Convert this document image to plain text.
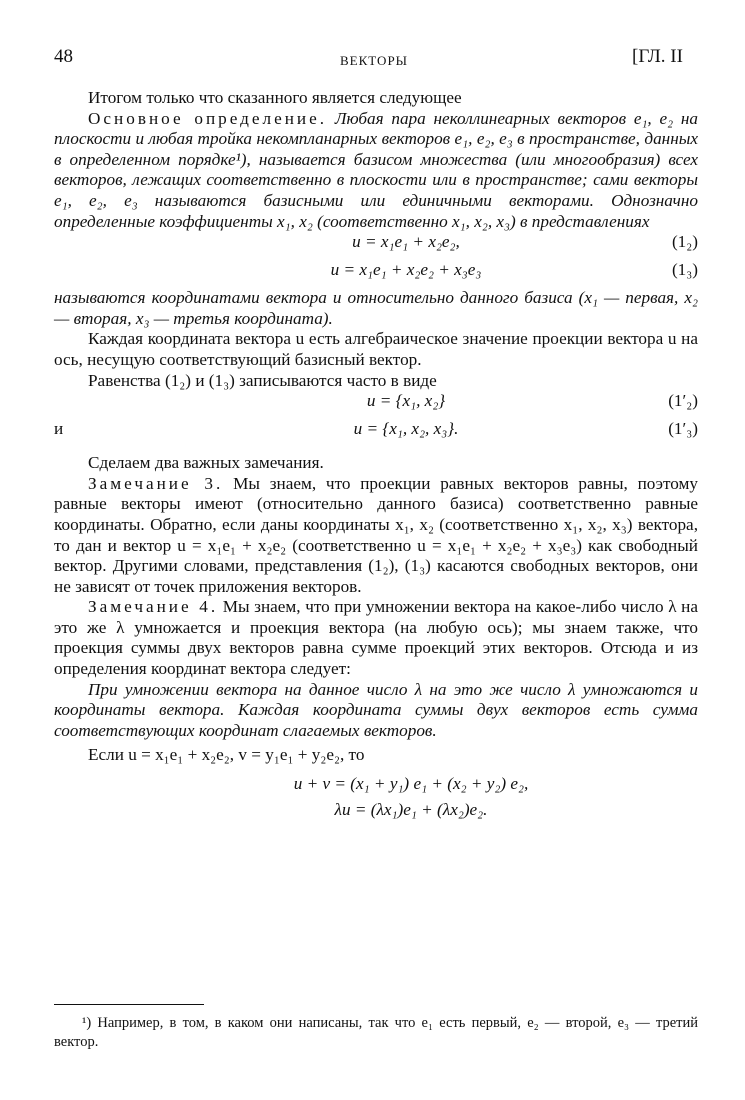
48	ВЕКТОРЫ	[ГЛ. II

Итогом только что сказанного является следующее

Основное определение. Любая пара неколлинеарных векторов e₁, e₂ на плоскости и любая тройка некомпланарных векторов e₁, e₂, e₃ в пространстве, данных в определенном порядке¹), называется базисом множества (или многообразия) всех векторов, лежащих соответственно в плоскости или в пространстве; сами векторы e₁, e₂, e₃ называются базисными или единичными векторами. Однозначно определенные коэффициенты x₁, x₂ (соответственно x₁, x₂, x₃) в представлениях

u = x₁e₁ + x₂e₂,	(1₂)
u = x₁e₁ + x₂e₂ + x₃e₃	(1₃)

называются координатами вектора u относительно данного базиса (x₁ — первая, x₂ — вторая, x₃ — третья координата).

Каждая координата вектора u есть алгебраическое значение проекции вектора u на ось, несущую соответствующий базисный вектор.

Равенства (1₂) и (1₃) записываются часто в виде

u = {x₁, x₂}	(1′₂)
и	u = {x₁, x₂, x₃}.	(1′₃)

Сделаем два важных замечания.

Замечание 3. Мы знаем, что проекции равных векторов равны, поэтому равные векторы имеют (относительно данного базиса) соответственно равные координаты. Обратно, если даны координаты x₁, x₂ (соответственно x₁, x₂, x₃) вектора, то дан и вектор u = x₁e₁ + x₂e₂ (соответственно u = x₁e₁ + x₂e₂ + x₃e₃) как свободный вектор. Другими словами, представления (1₂), (1₃) касаются свободных векторов, они не зависят от точек приложения векторов.

Замечание 4. Мы знаем, что при умножении вектора на какое-либо число λ на это же λ умножается и проекция вектора (на любую ось); мы знаем также, что проекция суммы двух векторов равна сумме проекций этих векторов. Отсюда и из определения координат вектора следует:

При умножении вектора на данное число λ на это же число λ умножаются и координаты вектора. Каждая координата суммы двух векторов есть сумма соответствующих координат слагаемых векторов.

Если u = x₁e₁ + x₂e₂, v = y₁e₁ + y₂e₂, то

u + v = (x₁ + y₁) e₁ + (x₂ + y₂) e₂,
λu = (λx₁)e₁ + (λx₂)e₂.

¹) Например, в том, в каком они написаны, так что e₁ есть первый, e₂ — второй, e₃ — третий вектор.
